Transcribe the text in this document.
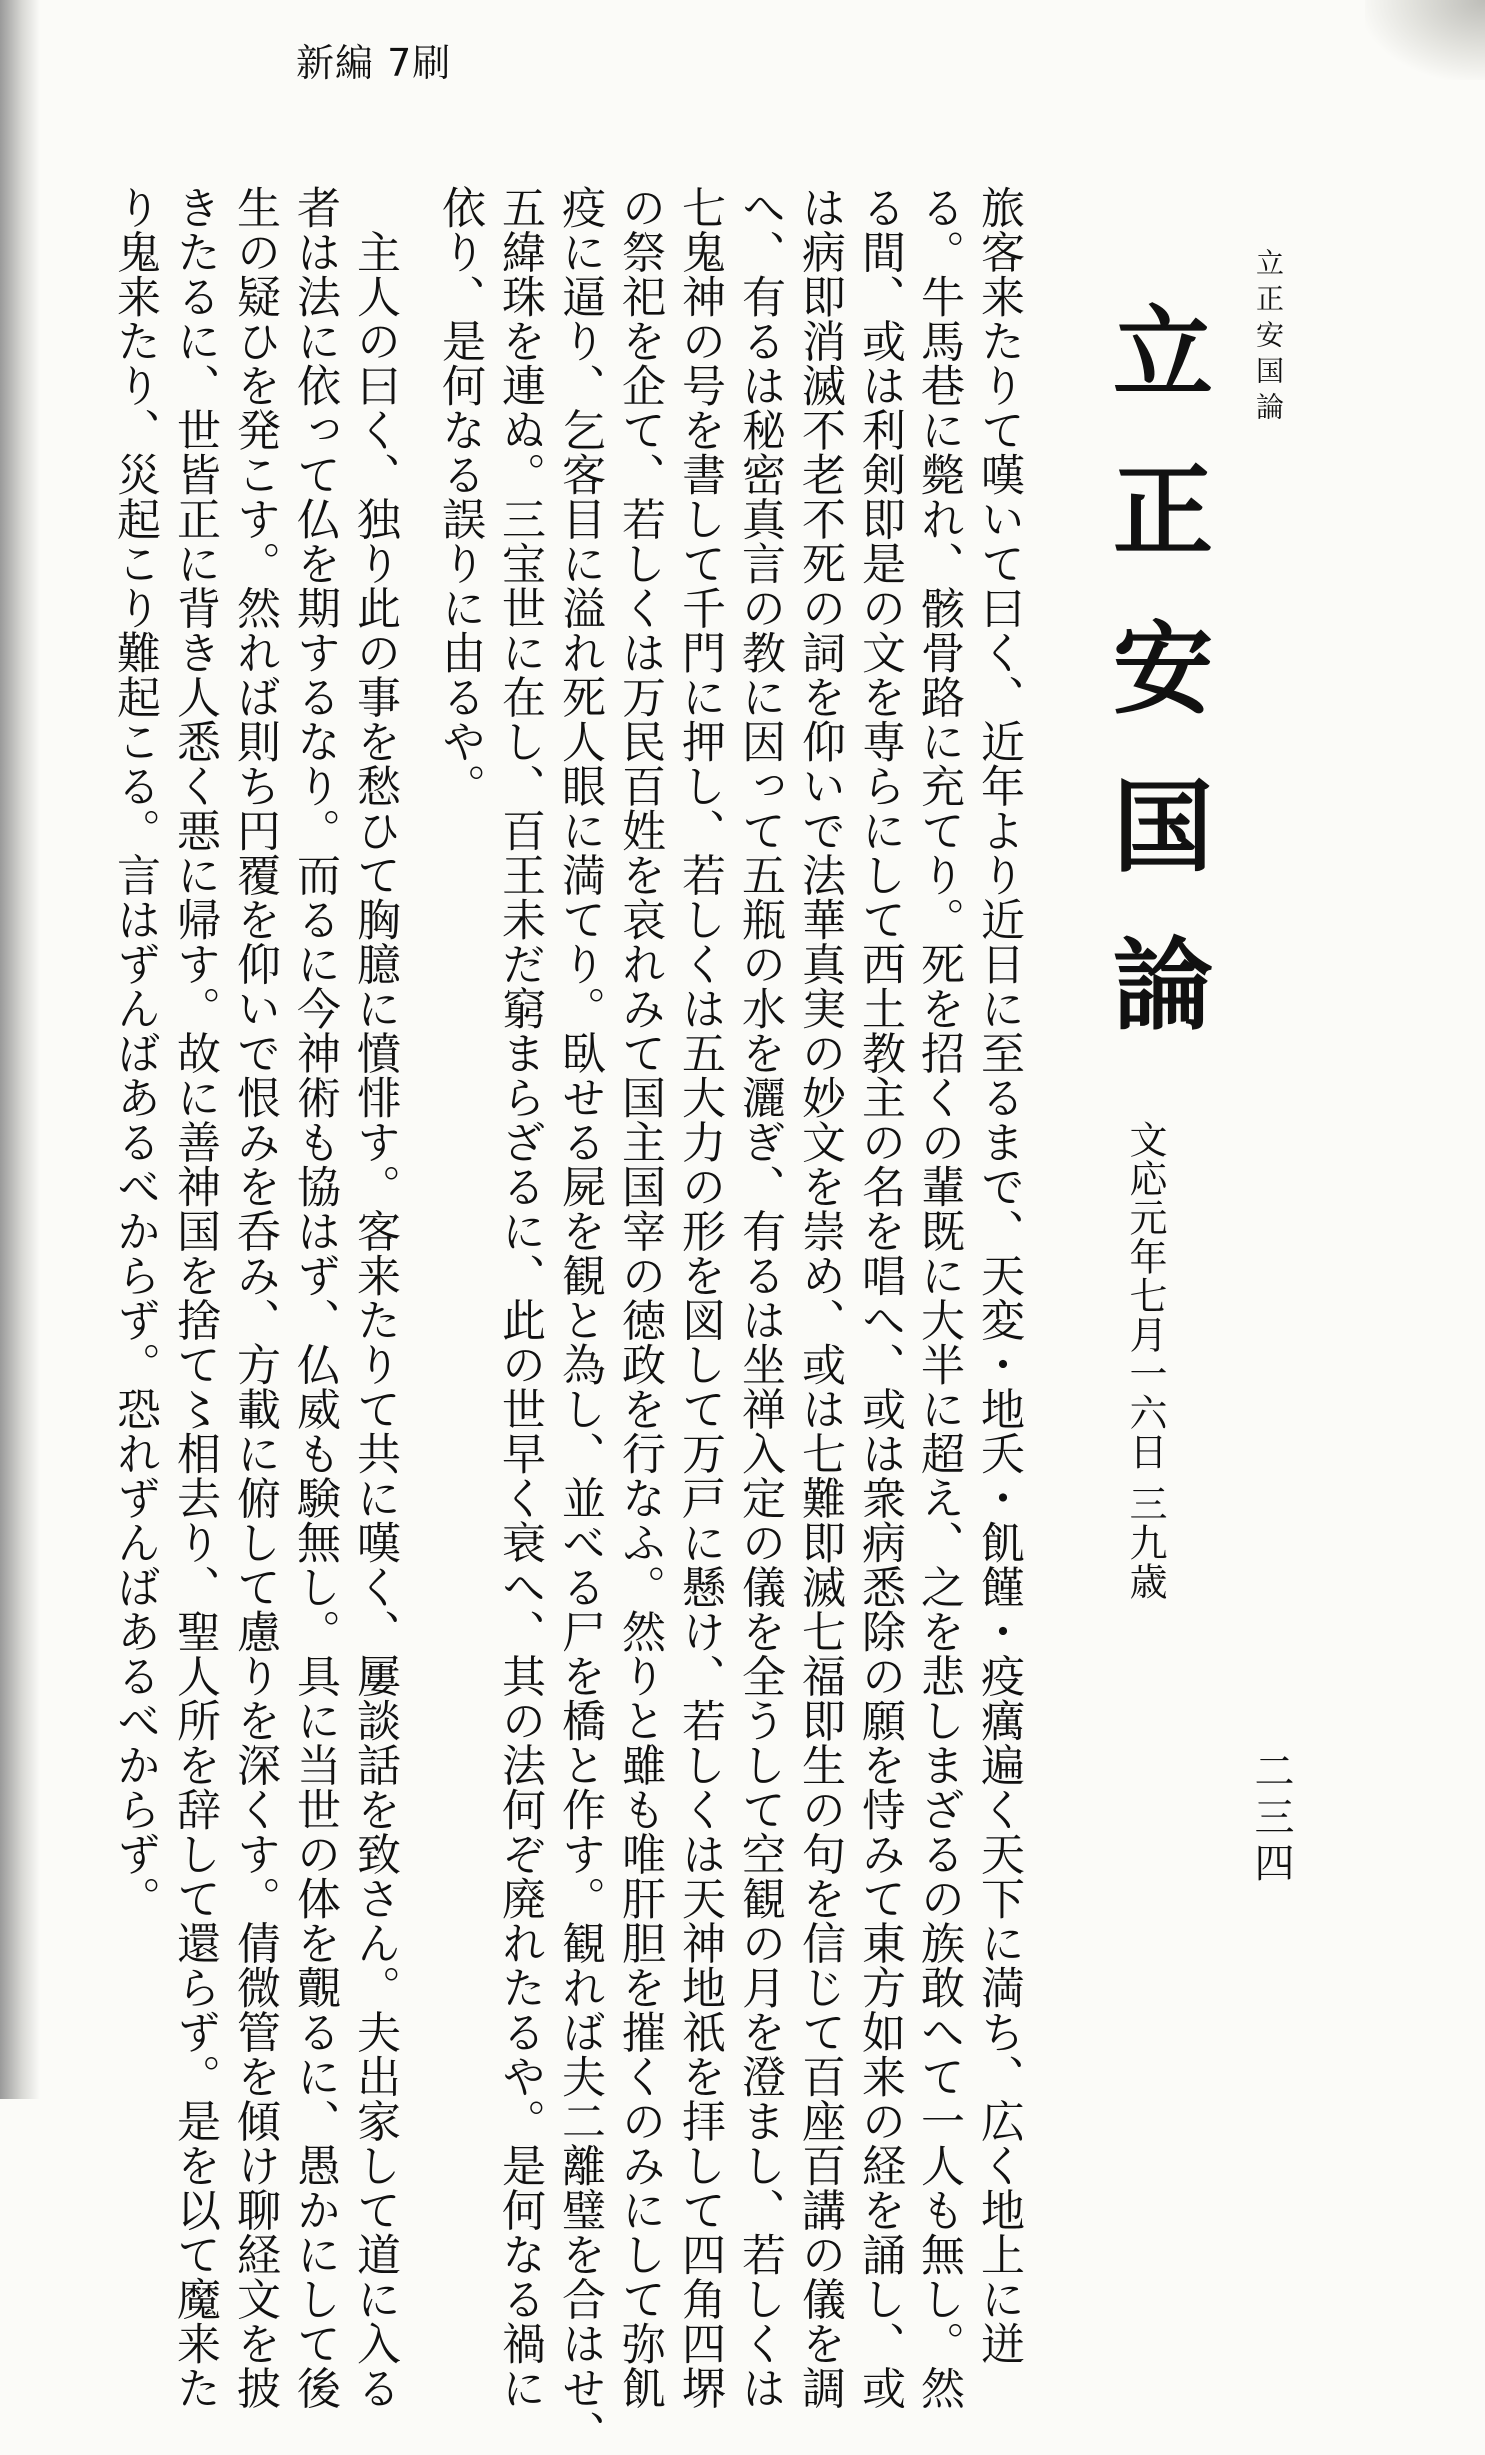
新編 7刷
立正安国論
立正安国論
文応元年七月一六日 三九歳
二三四
旅客来たりて嘆いて曰く、近年より近日に至るまで、天変・地夭・飢饉・疫癘遍く天下に満ち、広く地上に迸
る。牛馬巷に斃れ、骸骨路に充てり。死を招くの輩既に大半に超え、之を悲しまざるの族敢へて一人も無し。然
る間、或は利剣即是の文を専らにして西土教主の名を唱へ、或は衆病悉除の願を恃みて東方如来の経を誦し、或
は病即消滅不老不死の詞を仰いで法華真実の妙文を崇め、或は七難即滅七福即生の句を信じて百座百講の儀を調
へ、有るは秘密真言の教に因って五瓶の水を灑ぎ、有るは坐禅入定の儀を全うして空観の月を澄まし、若しくは
七鬼神の号を書して千門に押し、若しくは五大力の形を図して万戸に懸け、若しくは天神地祇を拝して四角四堺
の祭祀を企て、若しくは万民百姓を哀れみて国主国宰の徳政を行なふ。然りと雖も唯肝胆を摧くのみにして弥飢
疫に逼り、乞客目に溢れ死人眼に満てり。臥せる屍を観と為し、並べる尸を橋と作す。観れば夫二離璧を合はせ、
五緯珠を連ぬ。三宝世に在し、百王未だ窮まらざるに、此の世早く衰へ、其の法何ぞ廃れたるや。是何なる禍に
依り、是何なる誤りに由るや。
　主人の曰く、独り此の事を愁ひて胸臆に憤悱す。客来たりて共に嘆く、屢談話を致さん。夫出家して道に入る
者は法に依って仏を期するなり。而るに今神術も協はず、仏威も験無し。具に当世の体を覿るに、愚かにして後
生の疑ひを発こす。然れば則ち円覆を仰いで恨みを呑み、方載に俯して慮りを深くす。倩微管を傾け聊経文を披
きたるに、世皆正に背き人悉く悪に帰す。故に善神国を捨て〻相去り、聖人所を辞して還らず。是を以て魔来た
り鬼来たり、災起こり難起こる。言はずんばあるべからず。恐れずんばあるべからず。
